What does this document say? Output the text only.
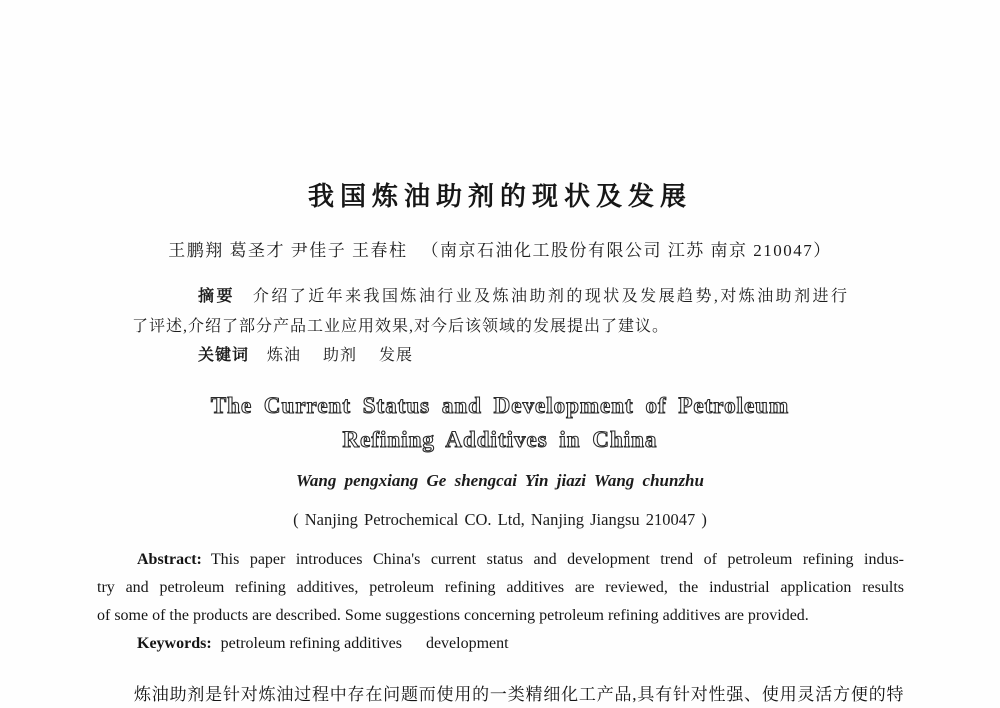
我国炼油助剂的现状及发展
王鹏翔 葛圣才 尹佳子 王春柱 （南京石油化工股份有限公司 江苏 南京 210047）
摘要 介绍了近年来我国炼油行业及炼油助剂的现状及发展趋势,对炼油助剂进行
了评述,介绍了部分产品工业应用效果,对今后该领域的发展提出了建议。
关键词 炼油 助剂 发展
The Current Status and Development of Petroleum
Refining Additives in China
Wang pengxiang Ge shengcai Yin jiazi Wang chunzhu
( Nanjing Petrochemical CO. Ltd, Nanjing Jiangsu 210047 )
Abstract: This paper introduces China's current status and development trend of petroleum refining indus-
try and petroleum refining additives, petroleum refining additives are reviewed, the industrial application results
of some of the products are described. Some suggestions concerning petroleum refining additives are provided.
Keywords: petroleum refining additives development
炼油助剂是针对炼油过程中存在问题而使用的一类精细化工产品,具有针对性强、使用灵活方便的特
